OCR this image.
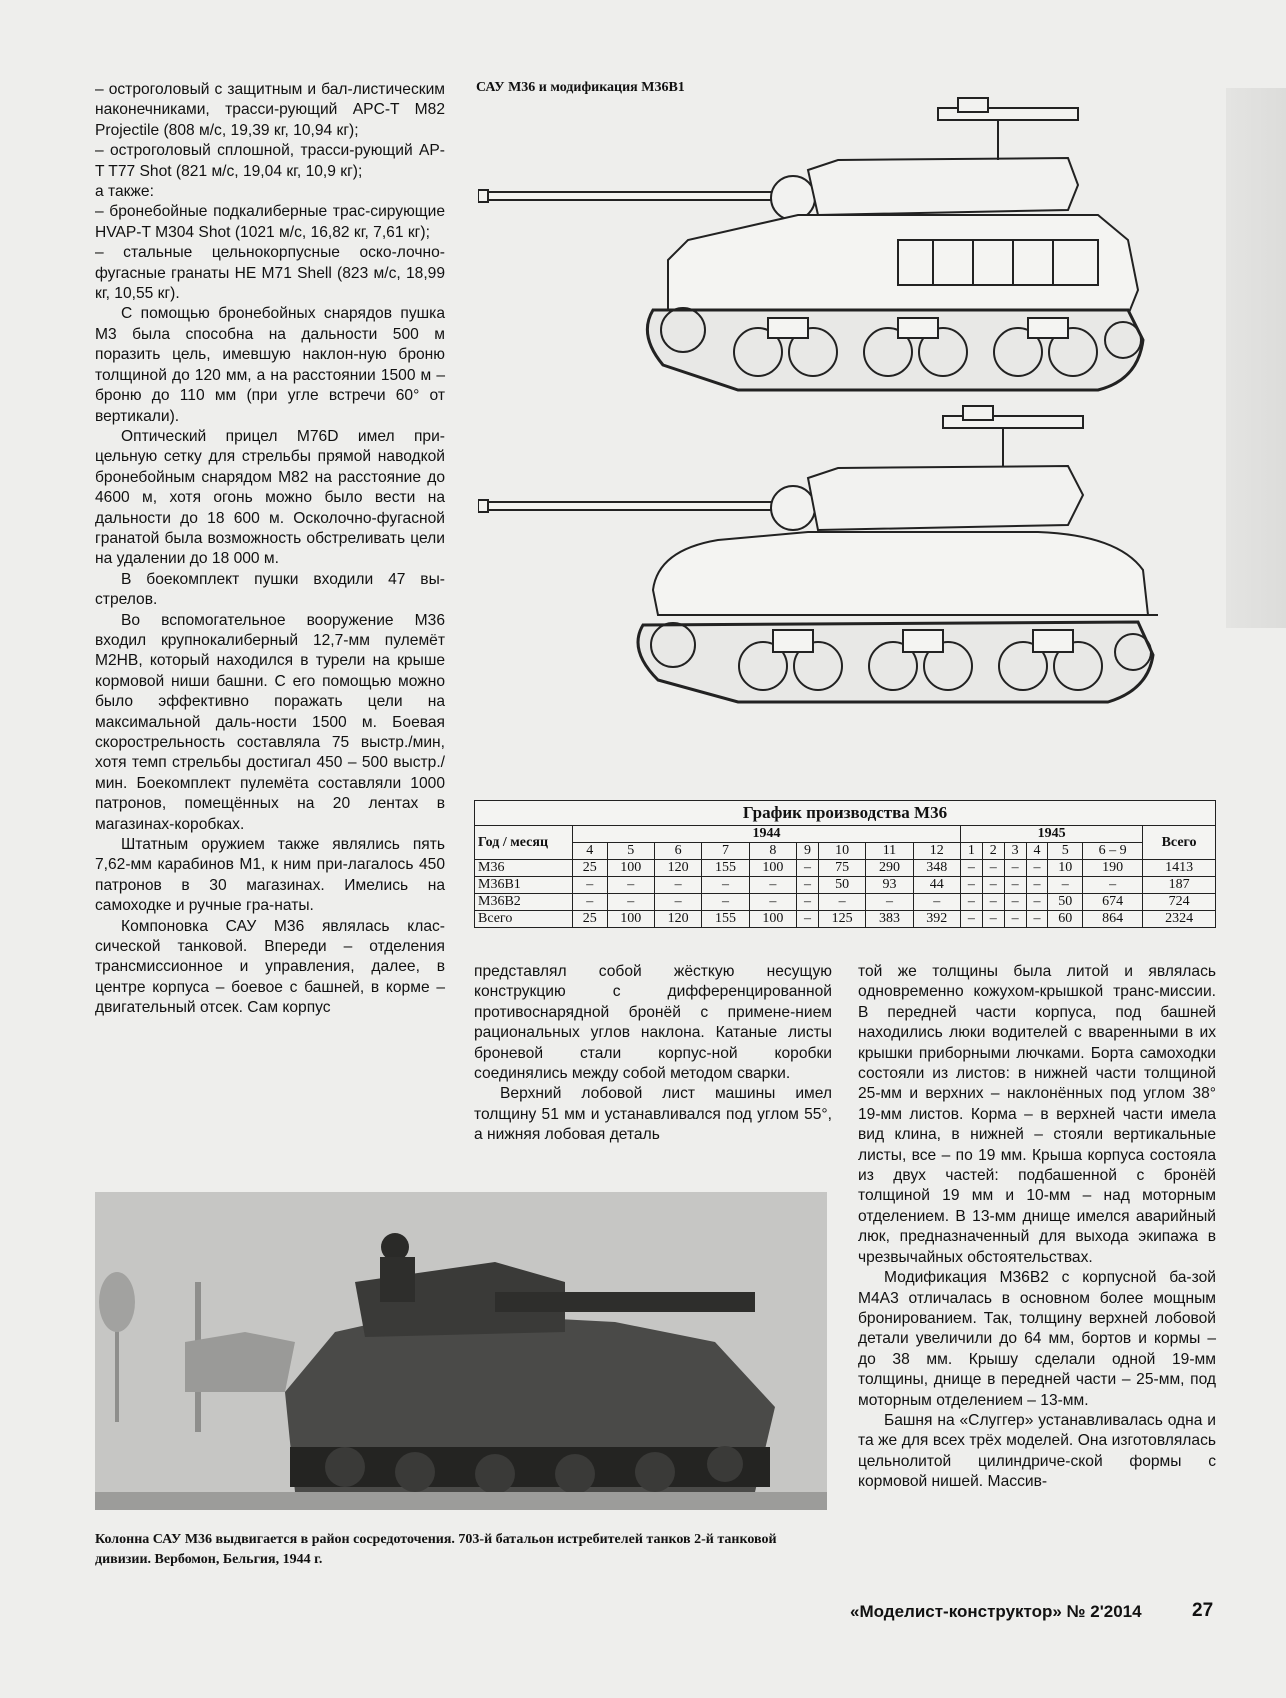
– остроголовый с защитным и бал-листическим наконечниками, трасси-рующий APC-T M82 Projectile (808 м/с, 19,39 кг, 10,94 кг);

– остроголовый сплошной, трасси-рующий AP-T T77 Shot (821 м/с, 19,04 кг, 10,9 кг);

а также:

– бронебойные подкалиберные трас-сирующие HVAP-T M304 Shot (1021 м/с, 16,82 кг, 7,61 кг);

– стальные цельнокорпусные оско-лочно-фугасные гранаты HE M71 Shell (823 м/с, 18,99 кг, 10,55 кг).

С помощью бронебойных снарядов пушка M3 была способна на дальности 500 м поразить цель, имевшую наклон-ную броню толщиной до 120 мм, а на расстоянии 1500 м – броню до 110 мм (при угле встречи 60° от вертикали).

Оптический прицел M76D имел при-цельную сетку для стрельбы прямой наводкой бронебойным снарядом M82 на расстояние до 4600 м, хотя огонь можно было вести на дальности до 18 600 м. Осколочно-фугасной гранатой была возможность обстреливать цели на удалении до 18 000 м.

В боекомплект пушки входили 47 вы-стрелов.

Во вспомогательное вооружение M36 входил крупнокалиберный 12,7-мм пулемёт M2HB, который находился в турели на крыше кормовой ниши башни. С его помощью можно было эффективно поражать цели на максимальной даль-ности 1500 м. Боевая скорострельность составляла 75 выстр./мин, хотя темп стрельбы достигал 450 – 500 выстр./мин. Боекомплект пулемёта составляли 1000 патронов, помещённых на 20 лентах в магазинах-коробках.

Штатным оружием также являлись пять 7,62-мм карабинов M1, к ним при-лагалось 450 патронов в 30 магазинах. Имелись на самоходке и ручные гра-наты.

Компоновка САУ M36 являлась клас-сической танковой. Впереди – отделения трансмиссионное и управления, далее, в центре корпуса – боевое с башней, в корме – двигательный отсек. Сам корпус

САУ M36 и модификация M36B1
График производства M36
Год / месяц	1944									1945						Всего
	4	5	6	7	8	9	10	11	12	1	2	3	4	5	6 – 9	
M36	25	100	120	155	100	–	75	290	348	–	–	–	–	10	190	1413
M36B1	–	–	–	–	–	–	50	93	44	–	–	–	–	–	–	187
M36B2	–	–	–	–	–	–	–	–	–	–	–	–	–	50	674	724
Всего	25	100	120	155	100	–	125	383	392	–	–	–	–	60	864	2324

представлял собой жёсткую несущую конструкцию с дифференцированной противоснарядной бронёй с примене-нием рациональных углов наклона. Катаные листы броневой стали корпус-ной коробки соединялись между собой методом сварки.

Верхний лобовой лист машины имел толщину 51 мм и устанавливался под углом 55°, а нижняя лобовая деталь

той же толщины была литой и являлась одновременно кожухом-крышкой транс-миссии. В передней части корпуса, под башней находились люки водителей с вваренными в их крышки приборными лючками. Борта самоходки состояли из листов: в нижней части толщиной 25-мм и верхних – наклонённых под углом 38° 19-мм листов. Корма – в верхней части имела вид клина, в нижней – стояли вертикальные листы, все – по 19 мм. Крыша корпуса состояла из двух частей: подбашенной с бронёй толщиной 19 мм и 10-мм – над моторным отделением. В 13-мм днище имелся аварийный люк, предназначенный для выхода экипажа в чрезвычайных обстоятельствах.

Модификация M36B2 с корпусной ба-зой M4A3 отличалась в основном более мощным бронированием. Так, толщину верхней лобовой детали увеличили до 64 мм, бортов и кормы – до 38 мм. Крышу сделали одной 19-мм толщины, днище в передней части – 25-мм, под моторным отделением – 13-мм.

Башня на «Слуггер» устанавливалась одна и та же для всех трёх моделей. Она изготовлялась цельнолитой цилиндриче-ской формы с кормовой нишей. Массив-

Колонна САУ M36 выдвигается в район сосредоточения. 703-й батальон истребителей танков 2-й танковой дивизии. Вербомон, Бельгия, 1944 г.
«Моделист-конструктор» № 2'2014	27
